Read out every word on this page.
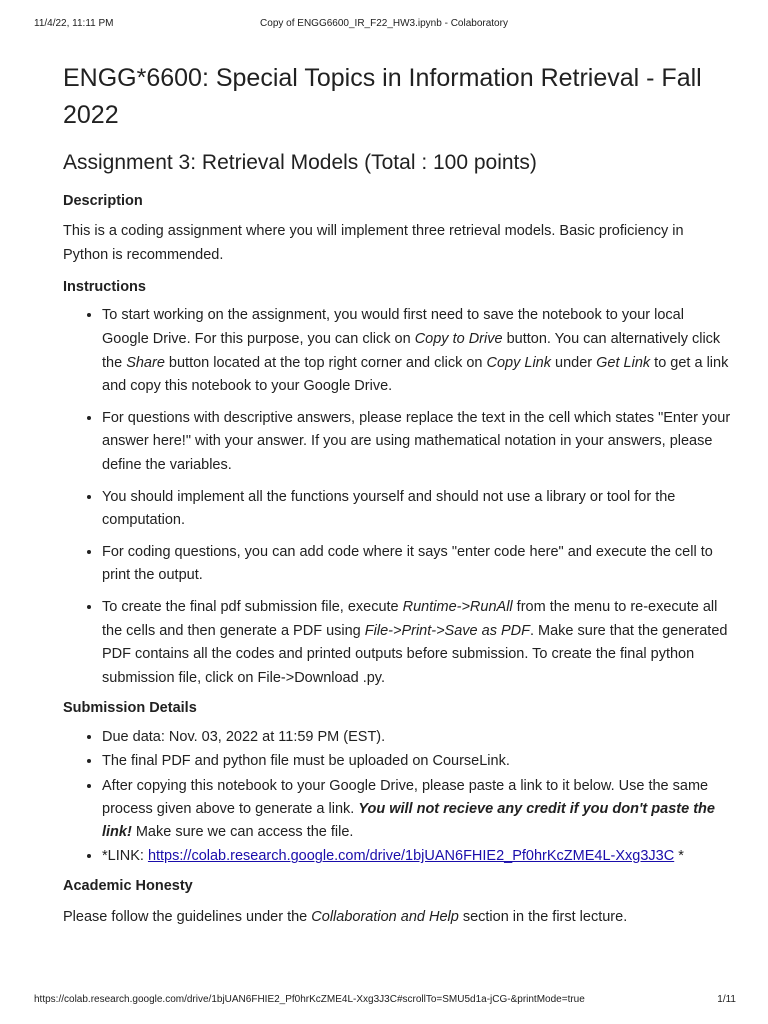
11/4/22, 11:11 PM	Copy of ENGG6600_IR_F22_HW3.ipynb - Colaboratory
ENGG*6600: Special Topics in Information Retrieval - Fall 2022
Assignment 3: Retrieval Models (Total : 100 points)
Description

This is a coding assignment where you will implement three retrieval models. Basic proficiency in Python is recommended.

Instructions
• To start working on the assignment, you would first need to save the notebook to your local Google Drive. For this purpose, you can click on Copy to Drive button. You can alternatively click the Share button located at the top right corner and click on Copy Link under Get Link to get a link and copy this notebook to your Google Drive.
• For questions with descriptive answers, please replace the text in the cell which states "Enter your answer here!" with your answer. If you are using mathematical notation in your answers, please define the variables.
• You should implement all the functions yourself and should not use a library or tool for the computation.
• For coding questions, you can add code where it says "enter code here" and execute the cell to print the output.
• To create the final pdf submission file, execute Runtime->RunAll from the menu to re-execute all the cells and then generate a PDF using File->Print->Save as PDF. Make sure that the generated PDF contains all the codes and printed outputs before submission. To create the final python submission file, click on File->Download .py.
Submission Details
• Due data: Nov. 03, 2022 at 11:59 PM (EST).
• The final PDF and python file must be uploaded on CourseLink.
• After copying this notebook to your Google Drive, please paste a link to it below. Use the same process given above to generate a link. You will not recieve any credit if you don't paste the link! Make sure we can access the file.
• *LINK: https://colab.research.google.com/drive/1bjUAN6FHIE2_Pf0hrKcZME4L-Xxg3J3C *
Academic Honesty

Please follow the guidelines under the Collaboration and Help section in the first lecture.

https://colab.research.google.com/drive/1bjUAN6FHIE2_Pf0hrKcZME4L-Xxg3J3C#scrollTo=SMU5d1a-jCG-&printMode=true	1/11
